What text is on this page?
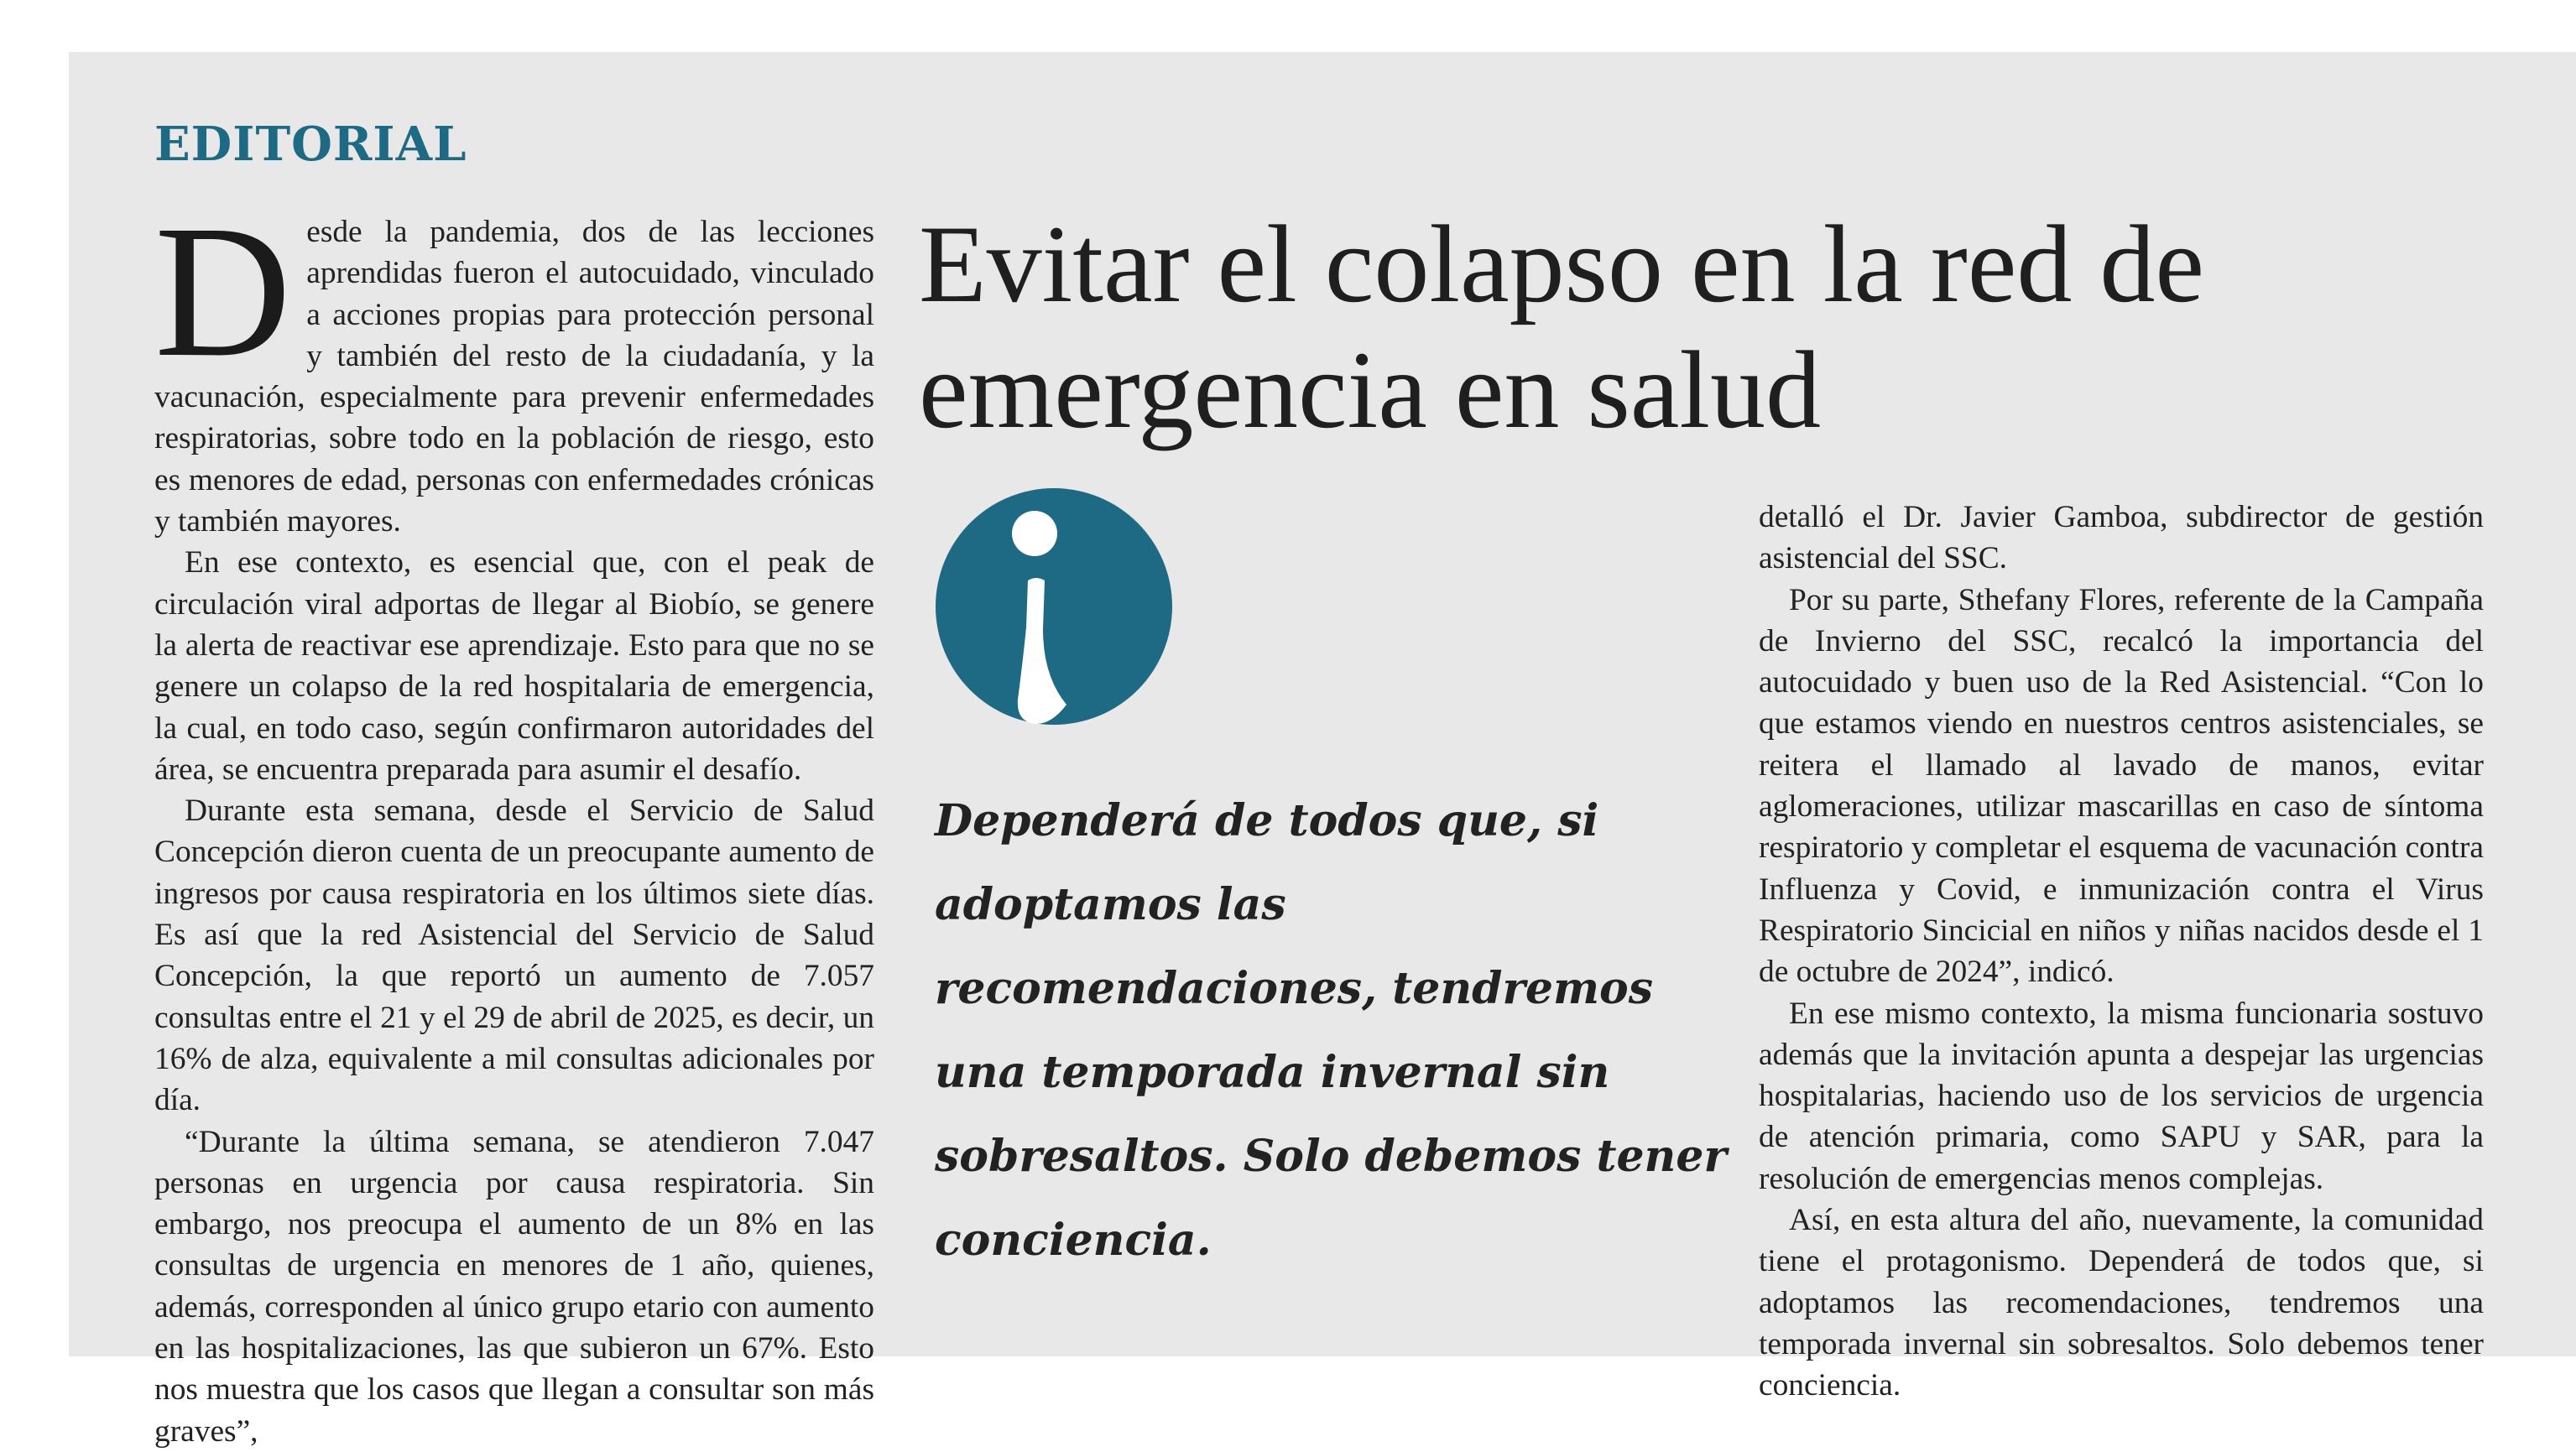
EDITORIAL

Desde la pandemia, dos de las lecciones aprendidas fueron el autocuidado, vinculado a acciones propias para protección personal y también del resto de la ciudadanía, y la vacunación, especialmente para prevenir enfermedades respiratorias, sobre todo en la población de riesgo, esto es menores de edad, personas con enfermedades crónicas y también mayores.

En ese contexto, es esencial que, con el peak de circulación viral adportas de llegar al Biobío, se genere la alerta de reactivar ese aprendizaje. Esto para que no se genere un colapso de la red hospitalaria de emergencia, la cual, en todo caso, según confirmaron autoridades del área, se encuentra preparada para asumir el desafío.

Durante esta semana, desde el Servicio de Salud Concepción dieron cuenta de un preocupante aumento de ingresos por causa respiratoria en los últimos siete días. Es así que la red Asistencial del Servicio de Salud Concepción, la que reportó un aumento de 7.057 consultas entre el 21 y el 29 de abril de 2025, es decir, un 16% de alza, equivalente a mil consultas adicionales por día.

“Durante la última semana, se atendieron 7.047 personas en urgencia por causa respiratoria. Sin embargo, nos preocupa el aumento de un 8% en las consultas de urgencia en menores de 1 año, quienes, además, corresponden al único grupo etario con aumento en las hospitalizaciones, las que subieron un 67%. Esto nos muestra que los casos que llegan a consultar son más graves”,

Evitar el colapso en la red de emergencia en salud

Dependerá de todos que, si adoptamos las recomendaciones, tendremos una temporada invernal sin sobresaltos. Solo debemos tener conciencia.

detalló el Dr. Javier Gamboa, subdirector de gestión asistencial del SSC.

Por su parte, Sthefany Flores, referente de la Campaña de Invierno del SSC, recalcó la importancia del autocuidado y buen uso de la Red Asistencial. “Con lo que estamos viendo en nuestros centros asistenciales, se reitera el llamado al lavado de manos, evitar aglomeraciones, utilizar mascarillas en caso de síntoma respiratorio y completar el esquema de vacunación contra Influenza y Covid, e inmunización contra el Virus Respiratorio Sincicial en niños y niñas nacidos desde el 1 de octubre de 2024”, indicó.

En ese mismo contexto, la misma funcionaria sostuvo además que la invitación apunta a despejar las urgencias hospitalarias, haciendo uso de los servicios de urgencia de atención primaria, como SAPU y SAR, para la resolución de emergencias menos complejas.

Así, en esta altura del año, nuevamente, la comunidad tiene el protagonismo. Dependerá de todos que, si adoptamos las recomendaciones, tendremos una temporada invernal sin sobresaltos. Solo debemos tener conciencia.
